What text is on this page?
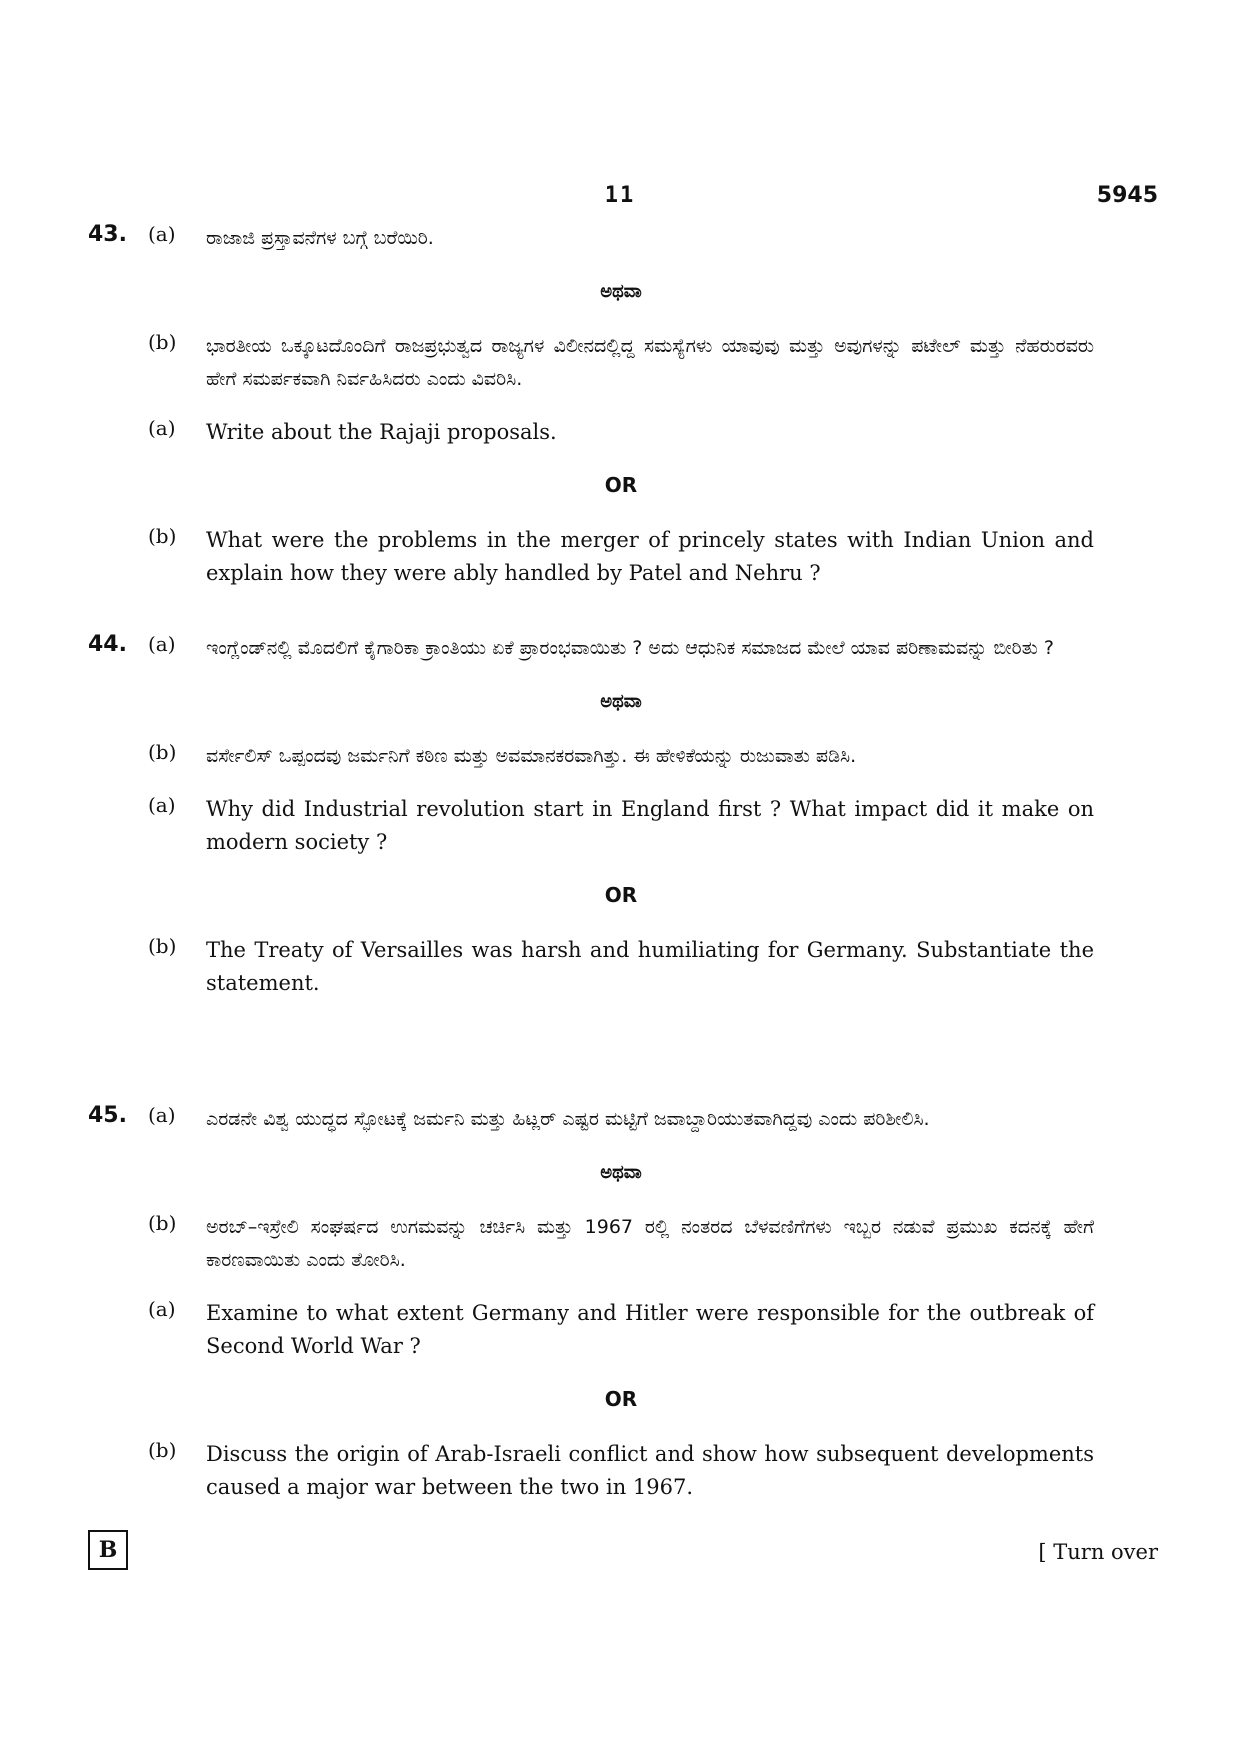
11	5945
43. (a) ರಾಜಾಜಿ ಪ್ರಸ್ತಾವನೆಗಳ ಬಗ್ಗೆ ಬರೆಯಿರಿ.
ಅಥವಾ
(b) ಭಾರತೀಯ ಒಕ್ಕೂಟದೊಂದಿಗೆ ರಾಜಪ್ರಭುತ್ವದ ರಾಜ್ಯಗಳ ವಿಲೀನದಲ್ಲಿದ್ದ ಸಮಸ್ಯೆಗಳು ಯಾವುವು ಮತ್ತು ಅವುಗಳನ್ನು ಪಟೇಲ್ ಮತ್ತು ನೆಹರುರವರು ಹೇಗೆ ಸಮರ್ಪಕವಾಗಿ ನಿರ್ವಹಿಸಿದರು ಎಂದು ವಿವರಿಸಿ.
(a) Write about the Rajaji proposals.
OR
(b) What were the problems in the merger of princely states with Indian Union and explain how they were ably handled by Patel and Nehru ?
44. (a) ಇಂಗ್ಲೆಂಡ್‌ನಲ್ಲಿ ಮೊದಲಿಗೆ ಕೈಗಾರಿಕಾ ಕ್ರಾಂತಿಯು ಏಕೆ ಪ್ರಾರಂಭವಾಯಿತು ? ಅದು ಆಧುನಿಕ ಸಮಾಜದ ಮೇಲೆ ಯಾವ ಪರಿಣಾಮವನ್ನು ಬೀರಿತು ?
ಅಥವಾ
(b) ವರ್ಸೇಲಿಸ್ ಒಪ್ಪಂದವು ಜರ್ಮನಿಗೆ ಕಠಿಣ ಮತ್ತು ಅವಮಾನಕರವಾಗಿತ್ತು. ಈ ಹೇಳಿಕೆಯನ್ನು ರುಜುವಾತು ಪಡಿಸಿ.
(a) Why did Industrial revolution start in England first ? What impact did it make on modern society ?
OR
(b) The Treaty of Versailles was harsh and humiliating for Germany. Substantiate the statement.
45. (a) ಎರಡನೇ ವಿಶ್ವ ಯುದ್ಧದ ಸ್ಫೋಟಕ್ಕೆ ಜರ್ಮನಿ ಮತ್ತು ಹಿಟ್ಲರ್ ಎಷ್ಟರ ಮಟ್ಟಿಗೆ ಜವಾಬ್ದಾರಿಯುತವಾಗಿದ್ದವು ಎಂದು ಪರಿಶೀಲಿಸಿ.
ಅಥವಾ
(b) ಅರಬ್–ಇಸ್ರೇಲಿ ಸಂಘರ್ಷದ ಉಗಮವನ್ನು ಚರ್ಚಿಸಿ ಮತ್ತು 1967 ರಲ್ಲಿ ನಂತರದ ಬೆಳವಣಿಗೆಗಳು ಇಬ್ಬರ ನಡುವೆ ಪ್ರಮುಖ ಕದನಕ್ಕೆ ಹೇಗೆ ಕಾರಣವಾಯಿತು ಎಂದು ತೋರಿಸಿ.
(a) Examine to what extent Germany and Hitler were responsible for the outbreak of Second World War ?
OR
(b) Discuss the origin of Arab-Israeli conflict and show how subsequent developments caused a major war between the two in 1967.
B	[ Turn over
